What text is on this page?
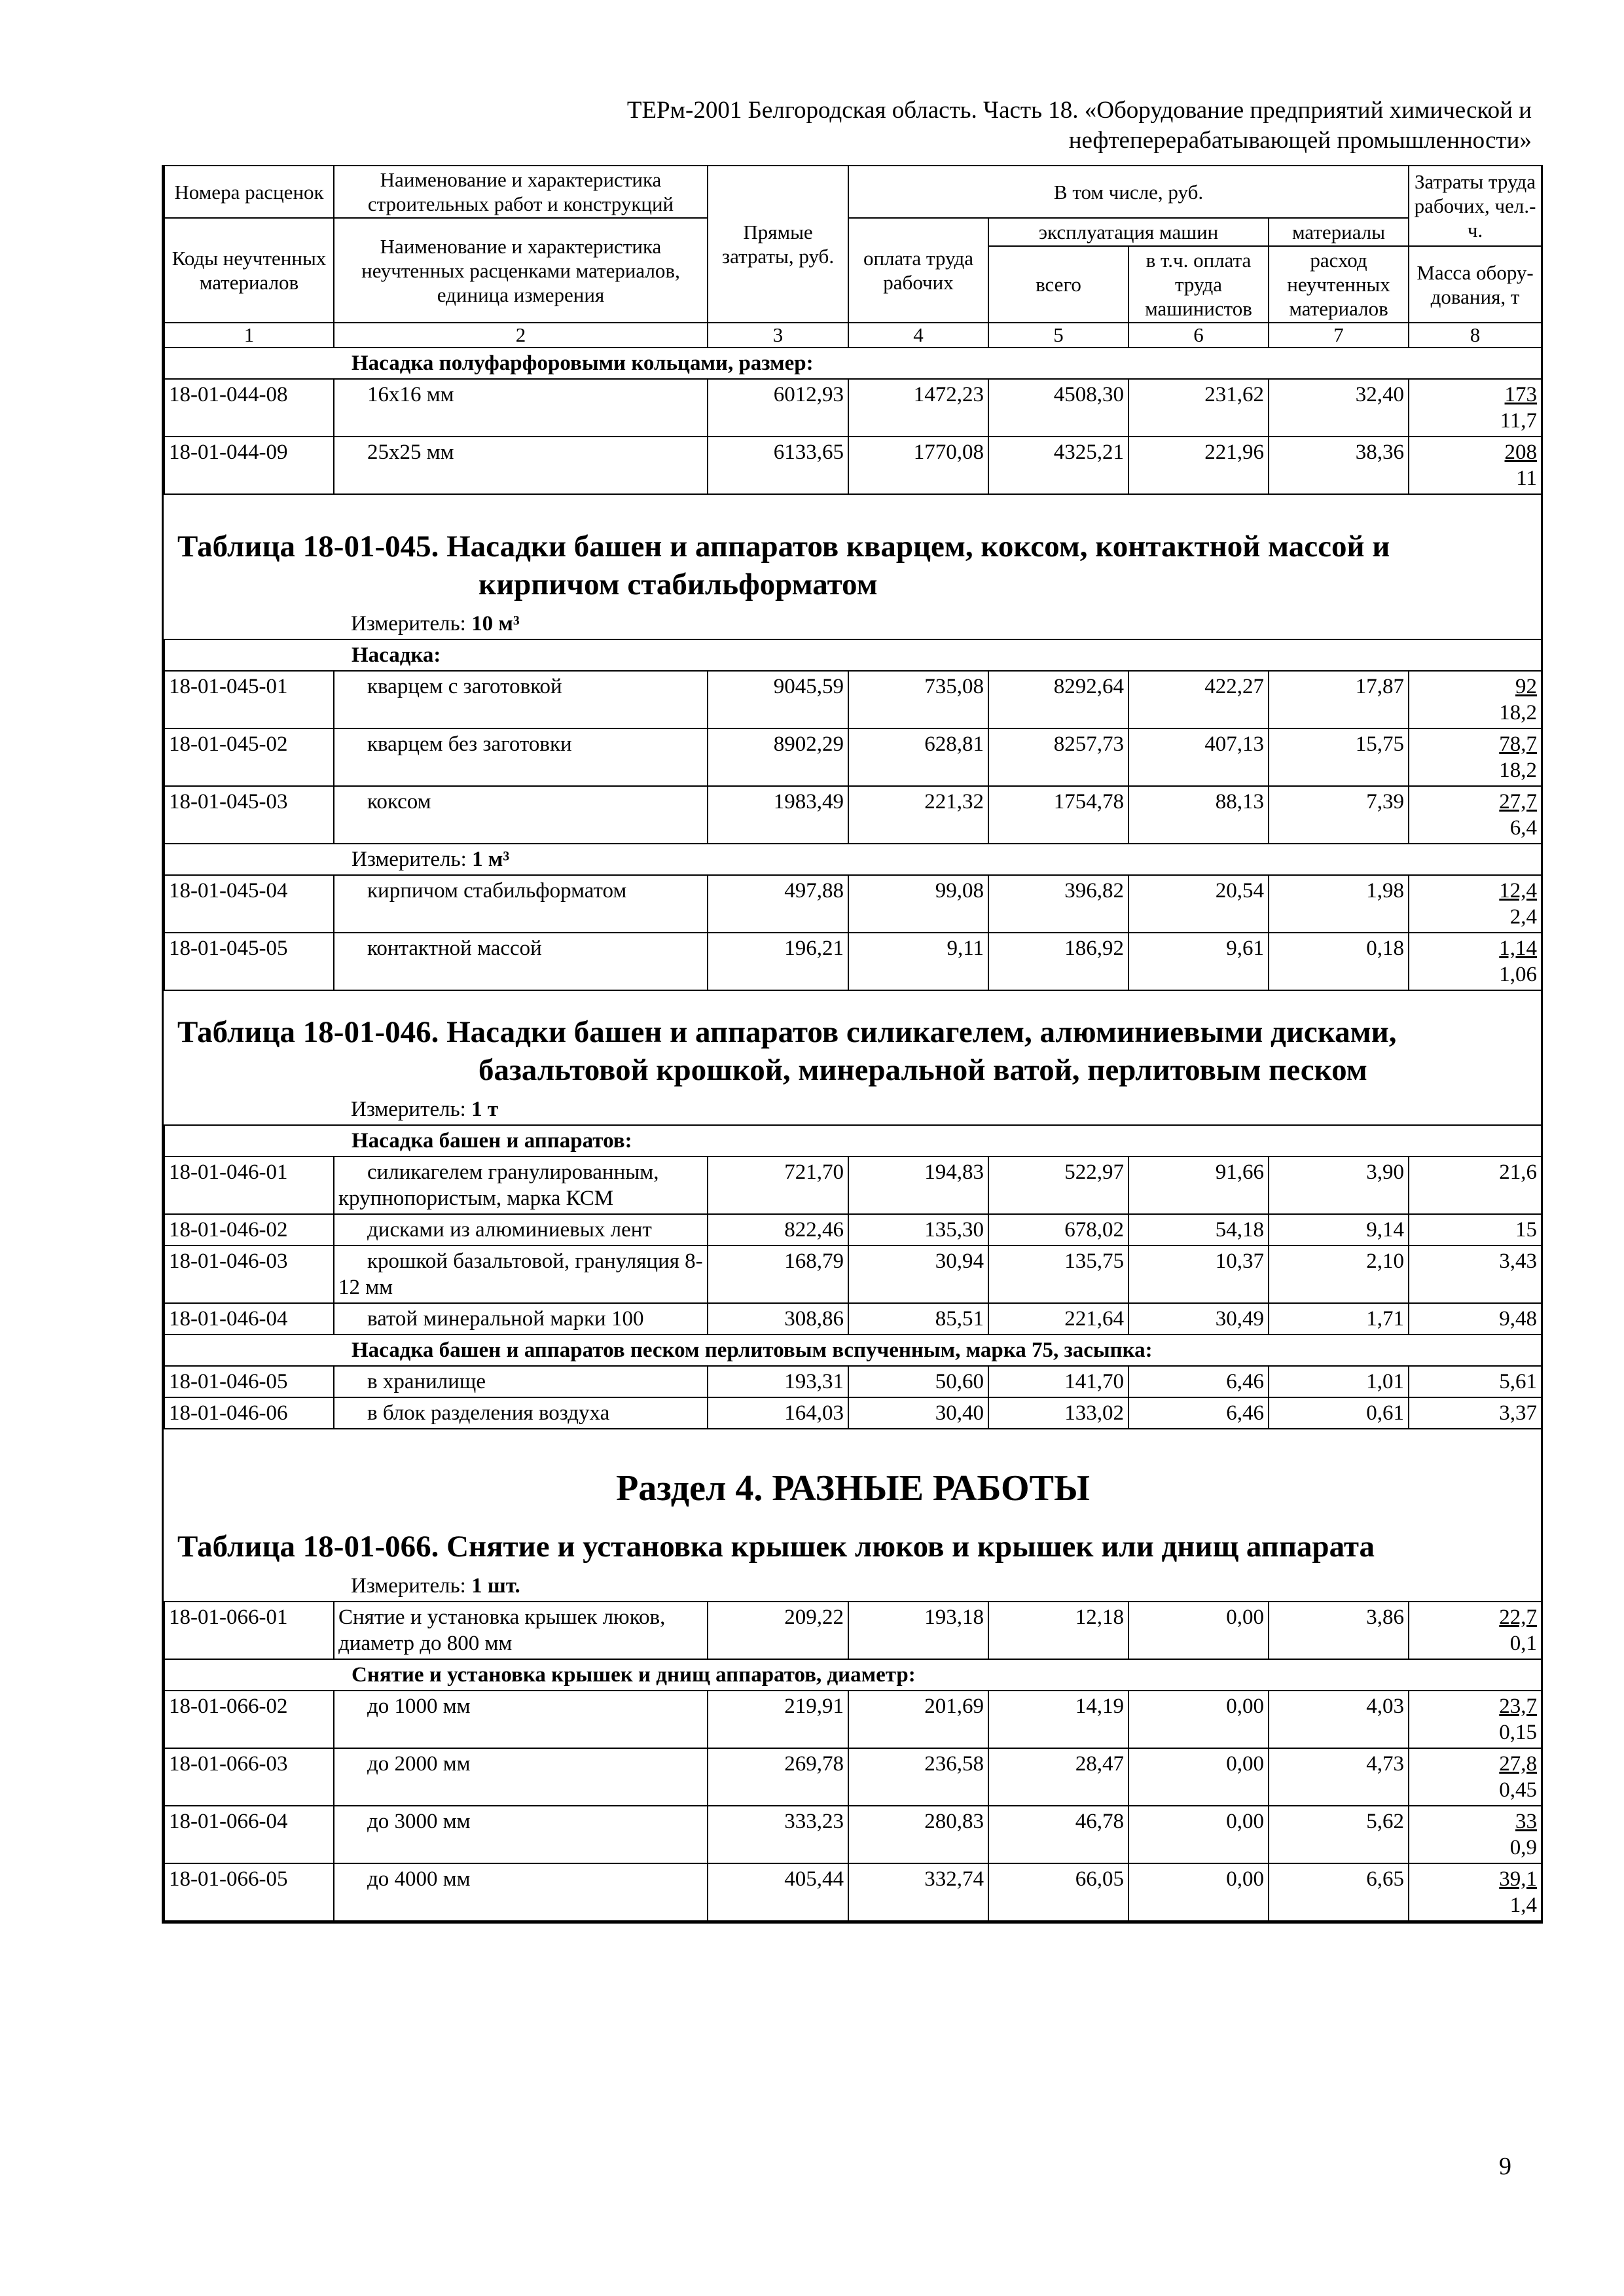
ТЕРм-2001 Белгородская область. Часть 18. «Оборудование предприятий химической и
нефтеперерабатывающей промышленности»
Номера расценок	Наименование и характеристика строительных работ и конструкций	Прямые затраты, руб.	В том числе, руб.				Затраты труда рабочих, чел.-ч.
Коды неучтенных материалов	Наименование и характеристика неучтенных расценками материалов, единица измерения		оплата труда рабочих	эксплуатация машин		материалы	
				всего	в т.ч. оплата труда машинистов	расход неучтенных материалов	
							Масса обору-дования, т
1	2	3	4	5	6	7	8
Насадка полуфарфоровыми кольцами, размер:							
18-01-044-08	16x16 мм	6012,93	1472,23	4508,30	231,62	32,40	173
11,7

18-01-044-09	25x25 мм	6133,65	1770,08	4325,21	221,96	38,36	208
11

Таблица 18-01-045. Насадки башен и аппаратов кварцем, коксом, контактной массой и
кирпичом стабильформатом							

Измеритель: 10 м³							
Насадка:							
18-01-045-01	кварцем с заготовкой	9045,59	735,08	8292,64	422,27	17,87	92
18,2

18-01-045-02	кварцем без заготовки	8902,29	628,81	8257,73	407,13	15,75	78,7
18,2

18-01-045-03	коксом	1983,49	221,32	1754,78	88,13	7,39	27,7
6,4

Измеритель: 1 м³							
18-01-045-04	кирпичом стабильформатом	497,88	99,08	396,82	20,54	1,98	12,4
2,4

18-01-045-05	контактной массой	196,21	9,11	186,92	9,61	0,18	1,14
1,06

Таблица 18-01-046. Насадки башен и аппаратов силикагелем, алюминиевыми дисками,
базальтовой крошкой, минеральной ватой, перлитовым песком							

Измеритель: 1 т							
Насадка башен и аппаратов:							
18-01-046-01	силикагелем гранулированным, крупнопористым, марка КСМ	721,70	194,83	522,97	91,66	3,90	21,6
18-01-046-02	дисками из алюминиевых лент	822,46	135,30	678,02	54,18	9,14	15
18-01-046-03	крошкой базальтовой, грануляция 8-12 мм	168,79	30,94	135,75	10,37	2,10	3,43
18-01-046-04	ватой минеральной марки 100	308,86	85,51	221,64	30,49	1,71	9,48
Насадка башен и аппаратов песком перлитовым вспученным, марка 75, засыпка:							
18-01-046-05	в хранилище	193,31	50,60	141,70	6,46	1,01	5,61
18-01-046-06	в блок разделения воздуха	164,03	30,40	133,02	6,46	0,61	3,37
Раздел 4. РАЗНЫЕ РАБОТЫ							
Таблица 18-01-066. Снятие и установка крышек люков и крышек или днищ аппарата							
Измеритель: 1 шт.							
18-01-066-01	Снятие и установка крышек люков, диаметр до 800 мм	209,22	193,18	12,18	0,00	3,86	22,7
0,1

Снятие и установка крышек и днищ аппаратов, диаметр:							
18-01-066-02	до 1000 мм	219,91	201,69	14,19	0,00	4,03	23,7
0,15

18-01-066-03	до 2000 мм	269,78	236,58	28,47	0,00	4,73	27,8
0,45

18-01-066-04	до 3000 мм	333,23	280,83	46,78	0,00	5,62	33
0,9

18-01-066-05	до 4000 мм	405,44	332,74	66,05	0,00	6,65	39,1
1,4
9
